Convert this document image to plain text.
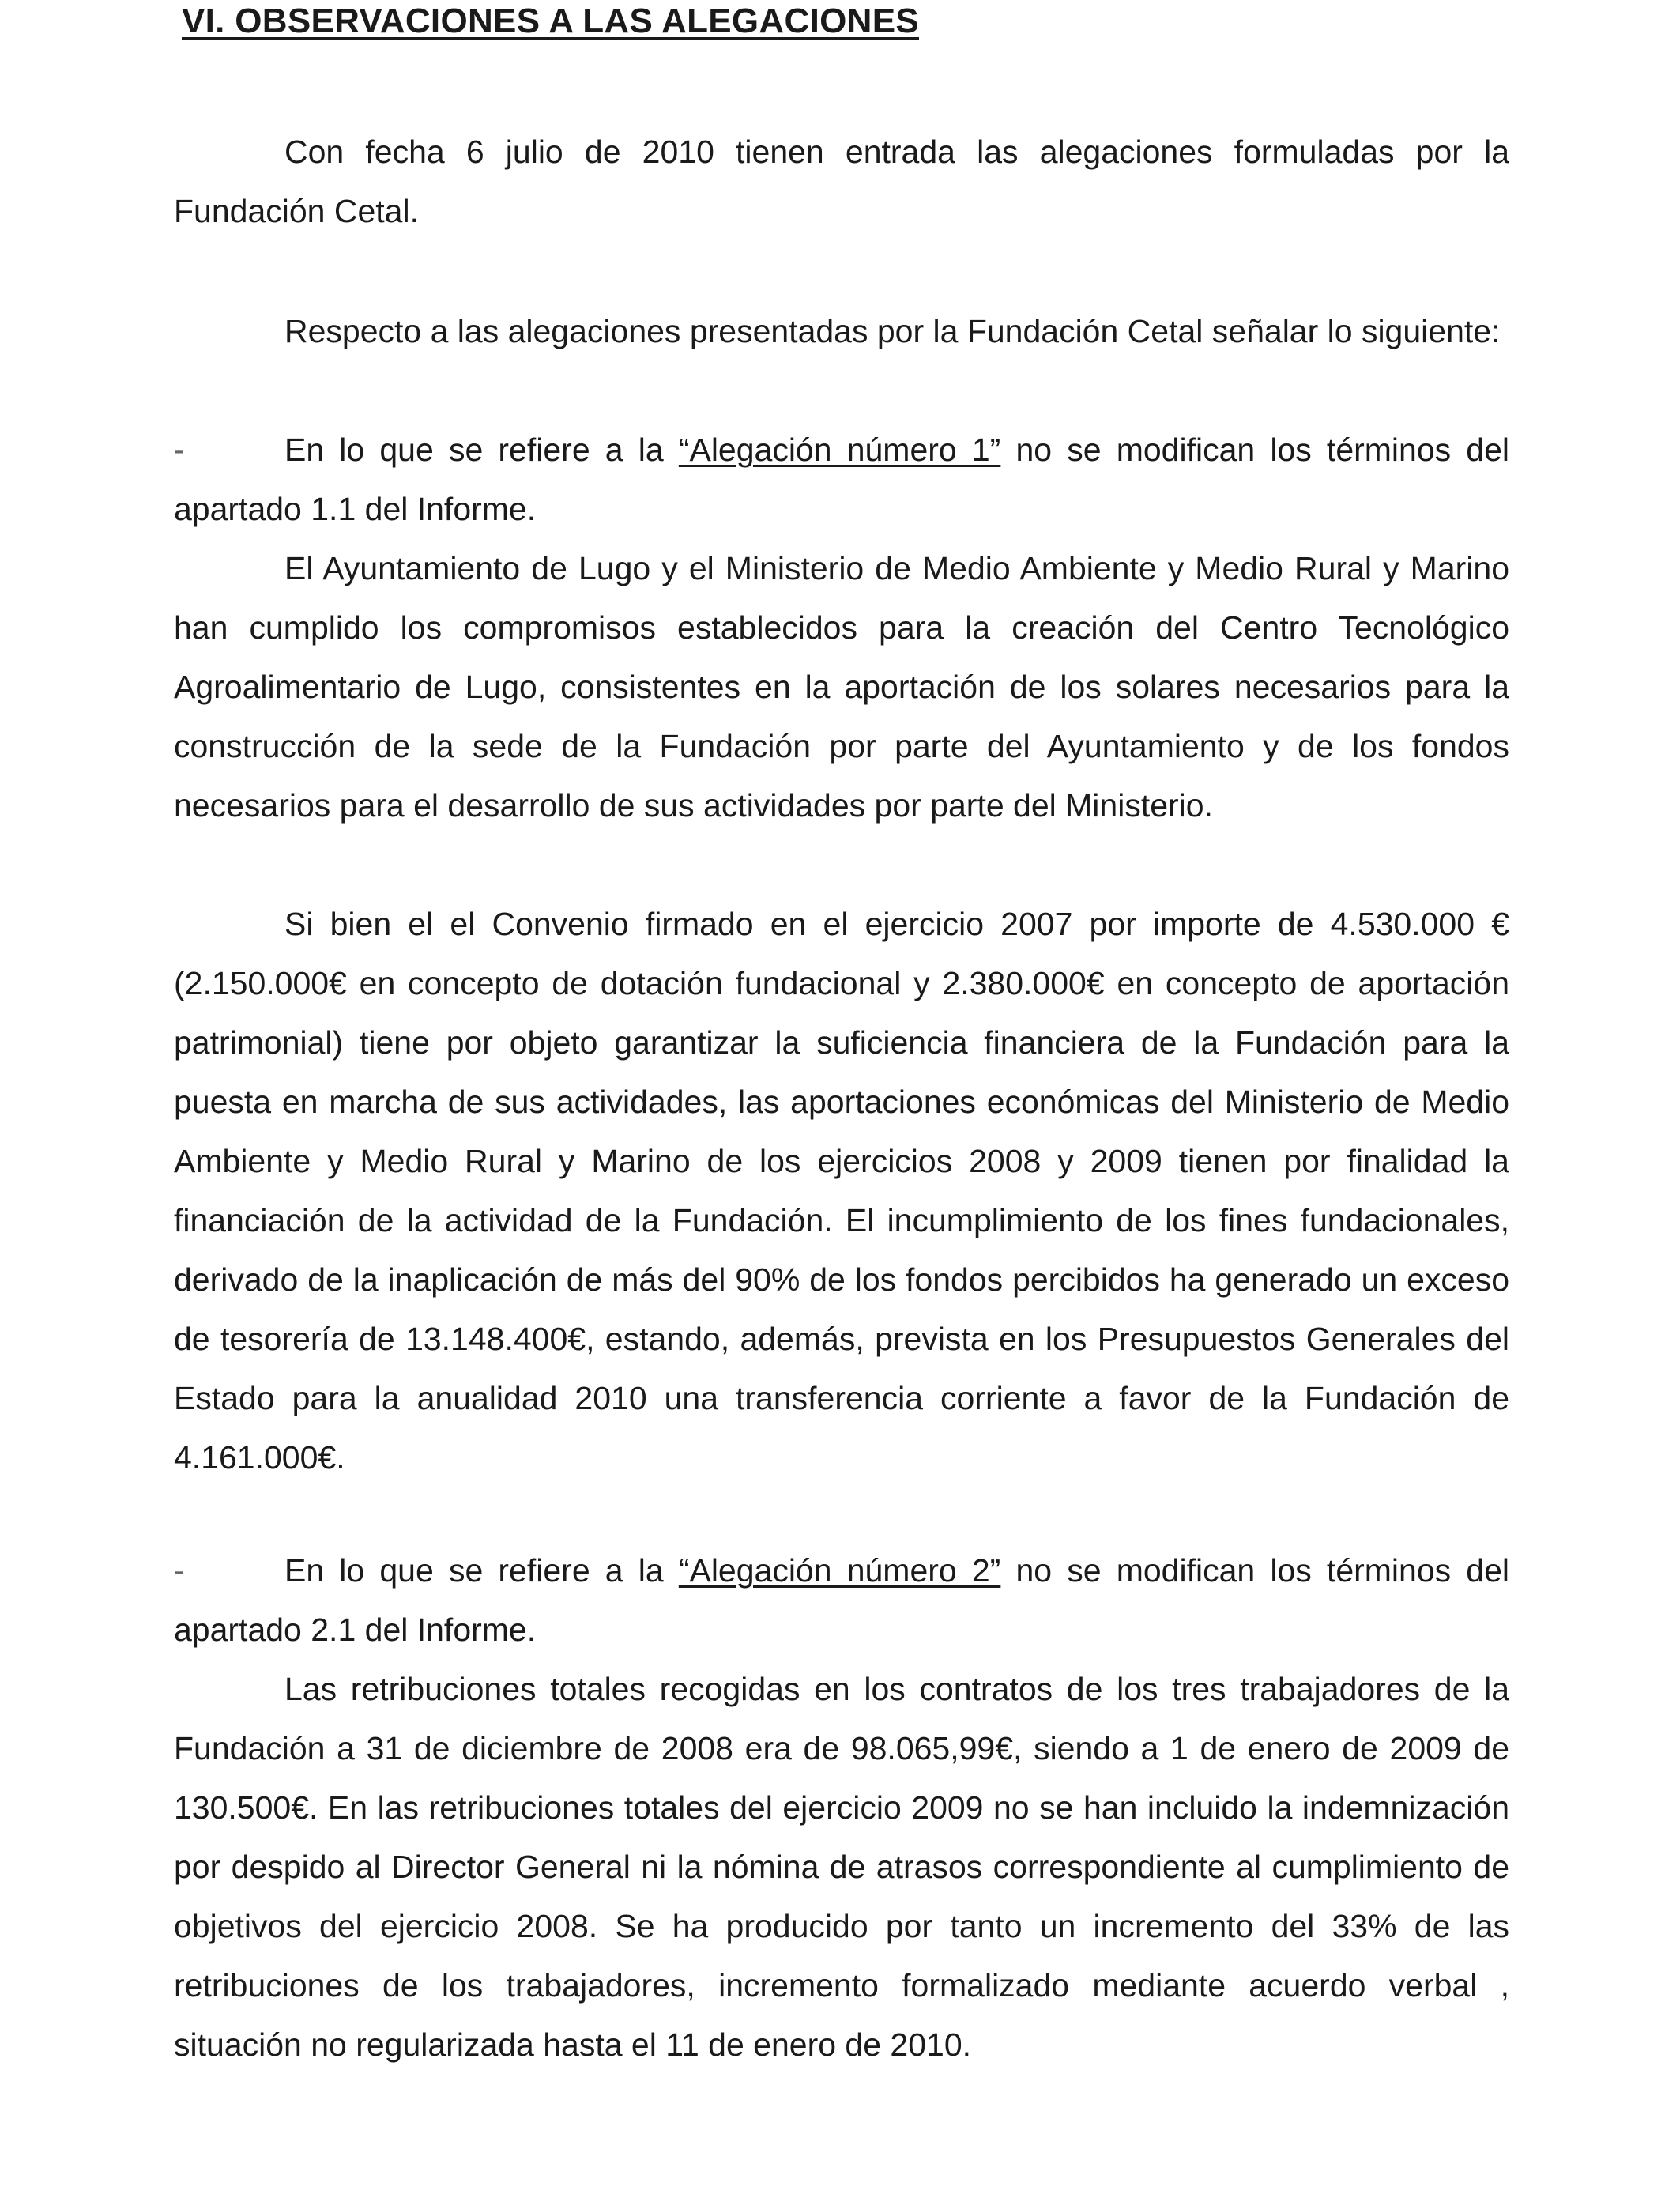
VI. OBSERVACIONES A LAS ALEGACIONES

Con fecha 6 julio de 2010 tienen entrada las alegaciones formuladas por la Fundación Cetal.

Respecto a las alegaciones presentadas por la Fundación Cetal señalar lo siguiente:

-	En lo que se refiere a la “Alegación número 1” no se modifican los términos del apartado 1.1 del Informe.

El Ayuntamiento de Lugo y el Ministerio de Medio Ambiente y Medio Rural y Marino han cumplido los compromisos establecidos para la creación del Centro Tecnológico Agroalimentario de Lugo, consistentes en la aportación de los solares necesarios para la construcción de la sede de la Fundación por parte del Ayuntamiento y de los fondos necesarios para el desarrollo de sus actividades por parte del Ministerio.

Si bien el el Convenio firmado en el ejercicio 2007 por importe de 4.530.000 € (2.150.000€ en concepto de dotación fundacional y 2.380.000€ en concepto de aportación patrimonial) tiene por objeto garantizar la suficiencia financiera de la Fundación para la puesta en marcha de sus actividades, las aportaciones económicas del Ministerio de Medio Ambiente y Medio Rural y Marino de los ejercicios 2008 y 2009 tienen por finalidad la financiación de la actividad de la Fundación. El incumplimiento de los fines fundacionales, derivado de la inaplicación de más del 90% de los fondos percibidos ha generado un exceso de tesorería de 13.148.400€, estando, además, prevista en los Presupuestos Generales del Estado para la anualidad 2010 una transferencia corriente a favor de la Fundación de 4.161.000€.

-	En lo que se refiere a la “Alegación número 2” no se modifican los términos del apartado 2.1 del Informe.

Las retribuciones totales recogidas en los contratos de los tres trabajadores de la Fundación a 31 de diciembre de 2008 era de 98.065,99€, siendo a 1 de enero de 2009 de 130.500€. En las retribuciones totales del ejercicio 2009 no se han incluido la indemnización por despido al Director General ni la nómina de atrasos correspondiente al cumplimiento de objetivos del ejercicio 2008. Se ha producido por tanto un incremento del 33% de las retribuciones de los trabajadores, incremento formalizado mediante acuerdo verbal , situación no regularizada hasta el 11 de enero de 2010.
